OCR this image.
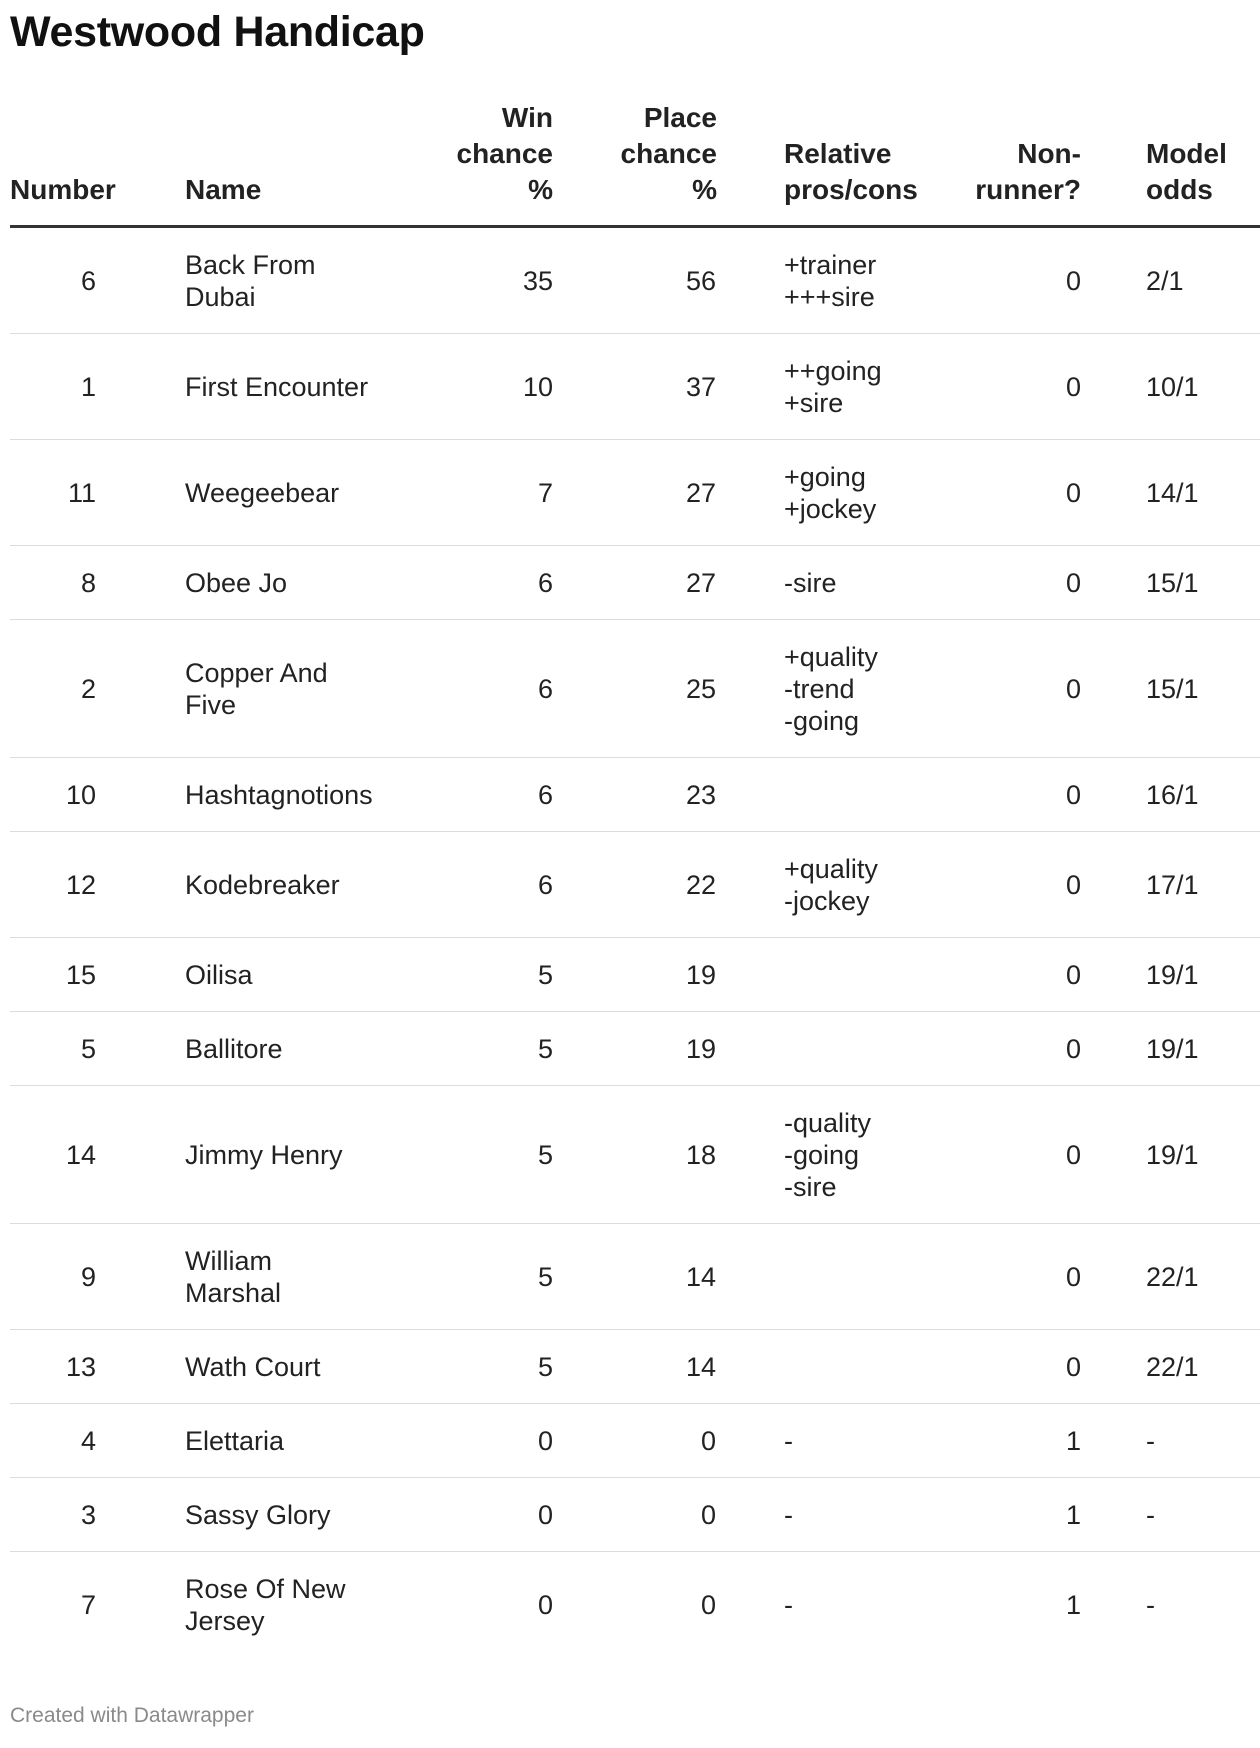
Westwood Handicap
Number	Name	Win
chance
%	Place
chance
%	Relative
pros/cons	Non-
runner?	Model
odds
6	Back From
Dubai	35	56	+trainer
+++sire	0	2/1
1	First Encounter	10	37	++going
+sire	0	10/1
11	Weegeebear	7	27	+going
+jockey	0	14/1
8	Obee Jo	6	27	-sire	0	15/1
2	Copper And
Five	6	25	+quality
-trend
-going	0	15/1
10	Hashtagnotions	6	23		0	16/1
12	Kodebreaker	6	22	+quality
-jockey	0	17/1
15	Oilisa	5	19		0	19/1
5	Ballitore	5	19		0	19/1
14	Jimmy Henry	5	18	-quality
-going
-sire	0	19/1
9	William
Marshal	5	14		0	22/1
13	Wath Court	5	14		0	22/1
4	Elettaria	0	0	-	1	-
3	Sassy Glory	0	0	-	1	-
7	Rose Of New
Jersey	0	0	-	1	-
Created with Datawrapper
